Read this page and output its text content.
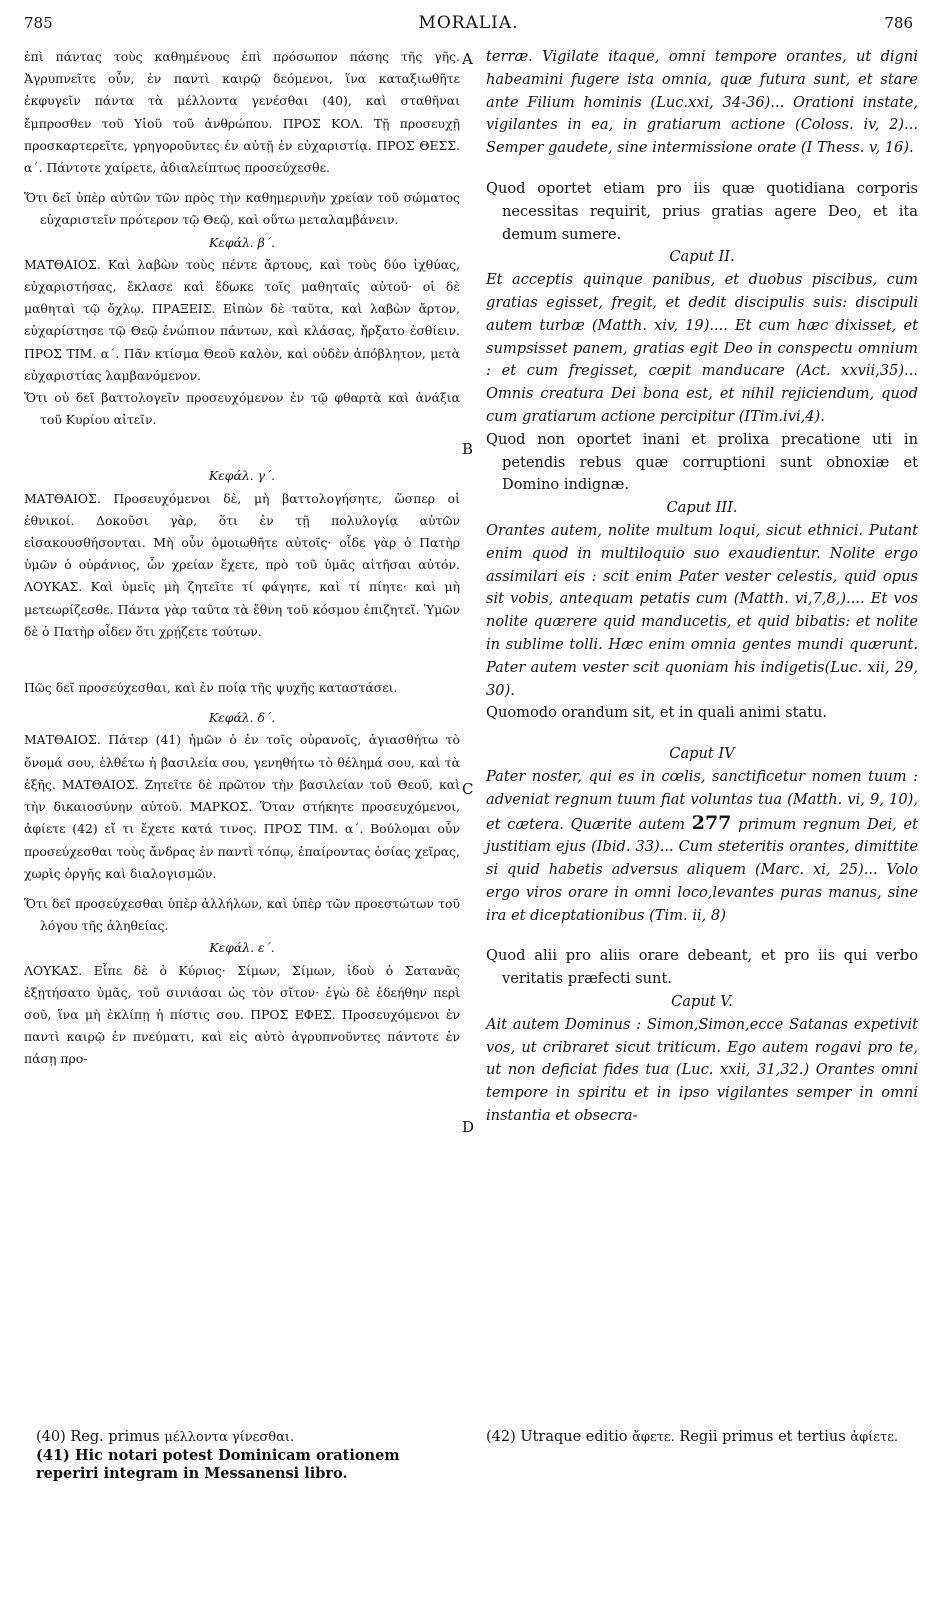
785	MORALIA.	786

ἐπὶ πάντας τοὺς καθημένους ἐπὶ πρόσωπον πάσης τῆς γῆς. Ἀγρυπνεῖτε οὖν, ἐν παντὶ καιρῷ δεόμενοι, ἵνα καταξιωθῆτε ἐκφυγεῖν πάντα τὰ μέλλοντα γενέσθαι (40), καὶ σταθῆναι ἔμπροσθεν τοῦ Υἱοῦ τοῦ ἀνθρώπου. ΠΡΟΣ ΚΟΛ. Τῇ προσευχῇ προσκαρτερεῖτε, γρηγοροῦντες ἐν αὐτῇ ἐν εὐχαριστίᾳ. ΠΡΟΣ ΘΕΣΣ. α΄. Πάντοτε χαίρετε, ἀδιαλείπτως προσεύχεσθε.

Ὅτι δεῖ ὑπὲρ αὐτῶν τῶν πρὸς τὴν καθημερινὴν χρείαν τοῦ σώματος εὐχαριστεῖν πρότερον τῷ Θεῷ, καὶ οὕτω μεταλαμβάνειν.

Κεφάλ. β΄.

ΜΑΤΘΑΙΟΣ. Καὶ λαβὼν τοὺς πέντε ἄρτους, καὶ τοὺς δύο ἰχθύας, εὐχαριστήσας, ἔκλασε καὶ ἔδωκε τοῖς μαθηταῖς αὐτοῦ· οἱ δὲ μαθηταὶ τῷ ὄχλῳ. ΠΡΑΞΕΙΣ. Εἰπὼν δὲ ταῦτα, καὶ λαβὼν ἄρτον, εὐχαρίστησε τῷ Θεῷ ἐνώπιον πάντων, καὶ κλάσας, ἤρξατο ἐσθίειν. ΠΡΟΣ ΤΙΜ. α΄. Πᾶν κτίσμα Θεοῦ καλὸν, καὶ οὐδὲν ἀπόβλητον, μετὰ εὐχαριστίας λαμβανόμενον.

Ὅτι οὐ δεῖ βαττολογεῖν προσευχόμενον ἐν τῷ φθαρτὰ καὶ ἀνάξια τοῦ Κυρίου αἰτεῖν.

Κεφάλ. γ΄.

ΜΑΤΘΑΙΟΣ. Προσευχόμενοι δὲ, μὴ βαττολογήσητε, ὥσπερ οἱ ἐθνικοί. Δοκοῦσι γὰρ, ὅτι ἐν τῇ πολυλογίᾳ αὐτῶν εἰσακουσθήσονται. Μὴ οὖν ὁμοιωθῆτε αὐτοῖς· οἶδε γὰρ ὁ Πατὴρ ὑμῶν ὁ οὐράνιος, ὧν χρείαν ἔχετε, πρὸ τοῦ ὑμᾶς αἰτῆσαι αὐτόν. ΛΟΥΚΑΣ. Καὶ ὑμεῖς μὴ ζητεῖτε τί φάγητε, καὶ τί πίητε· καὶ μὴ μετεωρίζεσθε. Πάντα γὰρ ταῦτα τὰ ἔθνη τοῦ κόσμου ἐπιζητεῖ. Ὑμῶν δὲ ὁ Πατὴρ οἶδεν ὅτι χρῄζετε τούτων.

Πῶς δεῖ προσεύχεσθαι, καὶ ἐν ποίᾳ τῆς ψυχῆς καταστάσει.

Κεφάλ. δ΄.

ΜΑΤΘΑΙΟΣ. Πάτερ (41) ἡμῶν ὁ ἐν τοῖς οὐρανοῖς, ἁγιασθήτω τὸ ὄνομά σου, ἐλθέτω ἡ βασιλεία σου, γενηθήτω τὸ θέλημά σου, καὶ τὰ ἑξῆς. ΜΑΤΘΑΙΟΣ. Ζητεῖτε δὲ πρῶτον τὴν βασιλείαν τοῦ Θεοῦ, καὶ τὴν δικαιοσύνην αὐτοῦ. ΜΑΡΚΟΣ. Ὅταν στήκητε προσευχόμενοι, ἀφίετε (42) εἴ τι ἔχετε κατά τινος. ΠΡΟΣ ΤΙΜ. α΄. Βούλομαι οὖν προσεύχεσθαι τοὺς ἄνδρας ἐν παντὶ τόπῳ, ἐπαίροντας ὁσίας χεῖρας, χωρὶς ὀργῆς καὶ διαλογισμῶν.

Ὅτι δεῖ προσεύχεσθαι ὑπὲρ ἀλλήλων, καὶ ὑπὲρ τῶν προεστώτων τοῦ λόγου τῆς ἀληθείας.

Κεφάλ. ε΄.

ΛΟΥΚΑΣ. Εἶπε δὲ ὁ Κύριος· Σίμων, Σίμων, ἰδοὺ ὁ Σατανᾶς ἐξῃτήσατο ὑμᾶς, τοῦ σινιάσαι ὡς τὸν σῖτον· ἐγὼ δὲ ἐδεήθην περὶ σοῦ, ἵνα μὴ ἐκλίπῃ ἡ πίστις σου. ΠΡΟΣ ΕΦΕΣ. Προσευχόμενοι ἐν παντὶ καιρῷ ἐν πνεύματι, καὶ εἰς αὐτὸ ἀγρυπνοῦντες πάντοτε ἐν πάσῃ προ-

A
B
C
D

terræ. Vigilate itaque, omni tempore orantes, ut digni habeamini fugere ista omnia, quæ futura sunt, et stare ante Filium hominis (Luc.xxi, 34-36)... Orationi instate, vigilantes in ea, in gratiarum actione (Coloss. iv, 2)... Semper gaudete, sine intermissione orate (I Thess. v, 16).

Quod oportet etiam pro iis quæ quotidiana corporis necessitas requirit, prius gratias agere Deo, et ita demum sumere.

Caput II.

Et acceptis quinque panibus, et duobus piscibus, cum gratias egisset, fregit, et dedit discipulis suis: discipuli autem turbæ (Matth. xiv, 19).... Et cum hæc dixisset, et sumpsisset panem, gratias egit Deo in conspectu omnium : et cum fregisset, cœpit manducare (Act. xxvii,35)... Omnis creatura Dei bona est, et nihil rejiciendum, quod cum gratiarum actione percipitur (ITim.ivi,4).

Quod non oportet inani et prolixa precatione uti in petendis rebus quæ corruptioni sunt obnoxiæ et Domino indignæ.

Caput III.

Orantes autem, nolite multum loqui, sicut ethnici. Putant enim quod in multiloquio suo exaudientur. Nolite ergo assimilari eis : scit enim Pater vester celestis, quid opus sit vobis, antequam petatis cum (Matth. vi,7,8,).... Et vos nolite quærere quid manducetis, et quid bibatis: et nolite in sublime tolli. Hæc enim omnia gentes mundi quærunt. Pater autem vester scit quoniam his indigetis(Luc. xii, 29, 30).

Quomodo orandum sit, et in quali animi statu.

Caput IV

Pater noster, qui es in cœlis, sanctificetur nomen tuum : adveniat regnum tuum fiat voluntas tua (Matth. vi, 9, 10), et cætera. Quærite autem 277 primum regnum Dei, et justitiam ejus (Ibid. 33)... Cum steteritis orantes, dimittite si quid habetis adversus aliquem (Marc. xi, 25)... Volo ergo viros orare in omni loco,levantes puras manus, sine ira et diceptationibus (Tim. ii, 8)

Quod alii pro aliis orare debeant, et pro iis qui verbo veritatis præfecti sunt.

Caput V.

Ait autem Dominus : Simon,Simon,ecce Satanas expetivit vos, ut cribraret sicut triticum. Ego autem rogavi pro te, ut non deficiat fides tua (Luc. xxii, 31,32.) Orantes omni tempore in spiritu et in ipso vigilantes semper in omni instantia et obsecra-

(40) Reg. primus μέλλοντα γίνεσθαι.

(41) Hic notari potest Dominicam orationem reperiri integram in Messanensi libro.

(42) Utraque editio ἄφετε. Regii primus et tertius ἀφίετε.
